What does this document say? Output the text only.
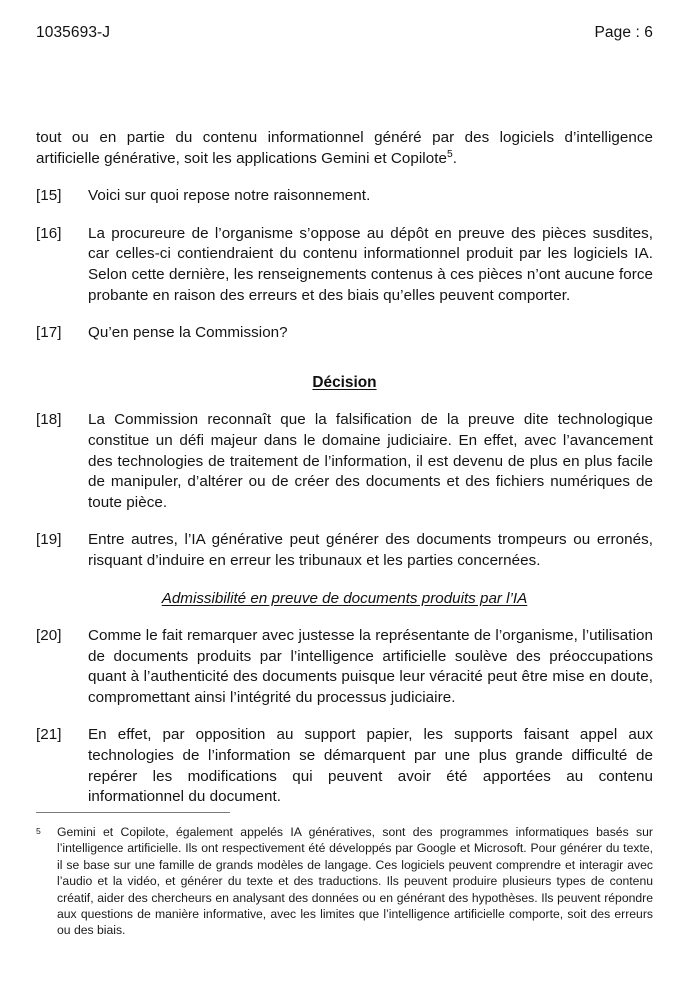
1035693-J	Page : 6

tout ou en partie du contenu informationnel généré par des logiciels d’intelligence artificielle générative, soit les applications Gemini et Copilote$^5$.

[15] Voici sur quoi repose notre raisonnement.

[16] La procureure de l’organisme s’oppose au dépôt en preuve des pièces susdites, car celles-ci contiendraient du contenu informationnel produit par les logiciels IA. Selon cette dernière, les renseignements contenus à ces pièces n’ont aucune force probante en raison des erreurs et des biais qu’elles peuvent comporter.

[17] Qu’en pense la Commission?

Décision

[18] La Commission reconnaît que la falsification de la preuve dite technologique constitue un défi majeur dans le domaine judiciaire. En effet, avec l’avancement des technologies de traitement de l’information, il est devenu de plus en plus facile de manipuler, d’altérer ou de créer des documents et des fichiers numériques de toute pièce.

[19] Entre autres, l’IA générative peut générer des documents trompeurs ou erronés, risquant d’induire en erreur les tribunaux et les parties concernées.

Admissibilité en preuve de documents produits par l’IA

[20] Comme le fait remarquer avec justesse la représentante de l’organisme, l’utilisation de documents produits par l’intelligence artificielle soulève des préoccupations quant à l’authenticité des documents puisque leur véracité peut être mise en doute, compromettant ainsi l’intégrité du processus judiciaire.

[21] En effet, par opposition au support papier, les supports faisant appel aux technologies de l’information se démarquent par une plus grande difficulté de repérer les modifications qui peuvent avoir été apportées au contenu informationnel du document.

5 Gemini et Copilote, également appelés IA génératives, sont des programmes informatiques basés sur l’intelligence artificielle. Ils ont respectivement été développés par Google et Microsoft. Pour générer du texte, il se base sur une famille de grands modèles de langage. Ces logiciels peuvent comprendre et interagir avec l’audio et la vidéo, et générer du texte et des traductions. Ils peuvent produire plusieurs types de contenu créatif, aider des chercheurs en analysant des données ou en générant des hypothèses. Ils peuvent répondre aux questions de manière informative, avec les limites que l’intelligence artificielle comporte, soit des erreurs ou des biais.
